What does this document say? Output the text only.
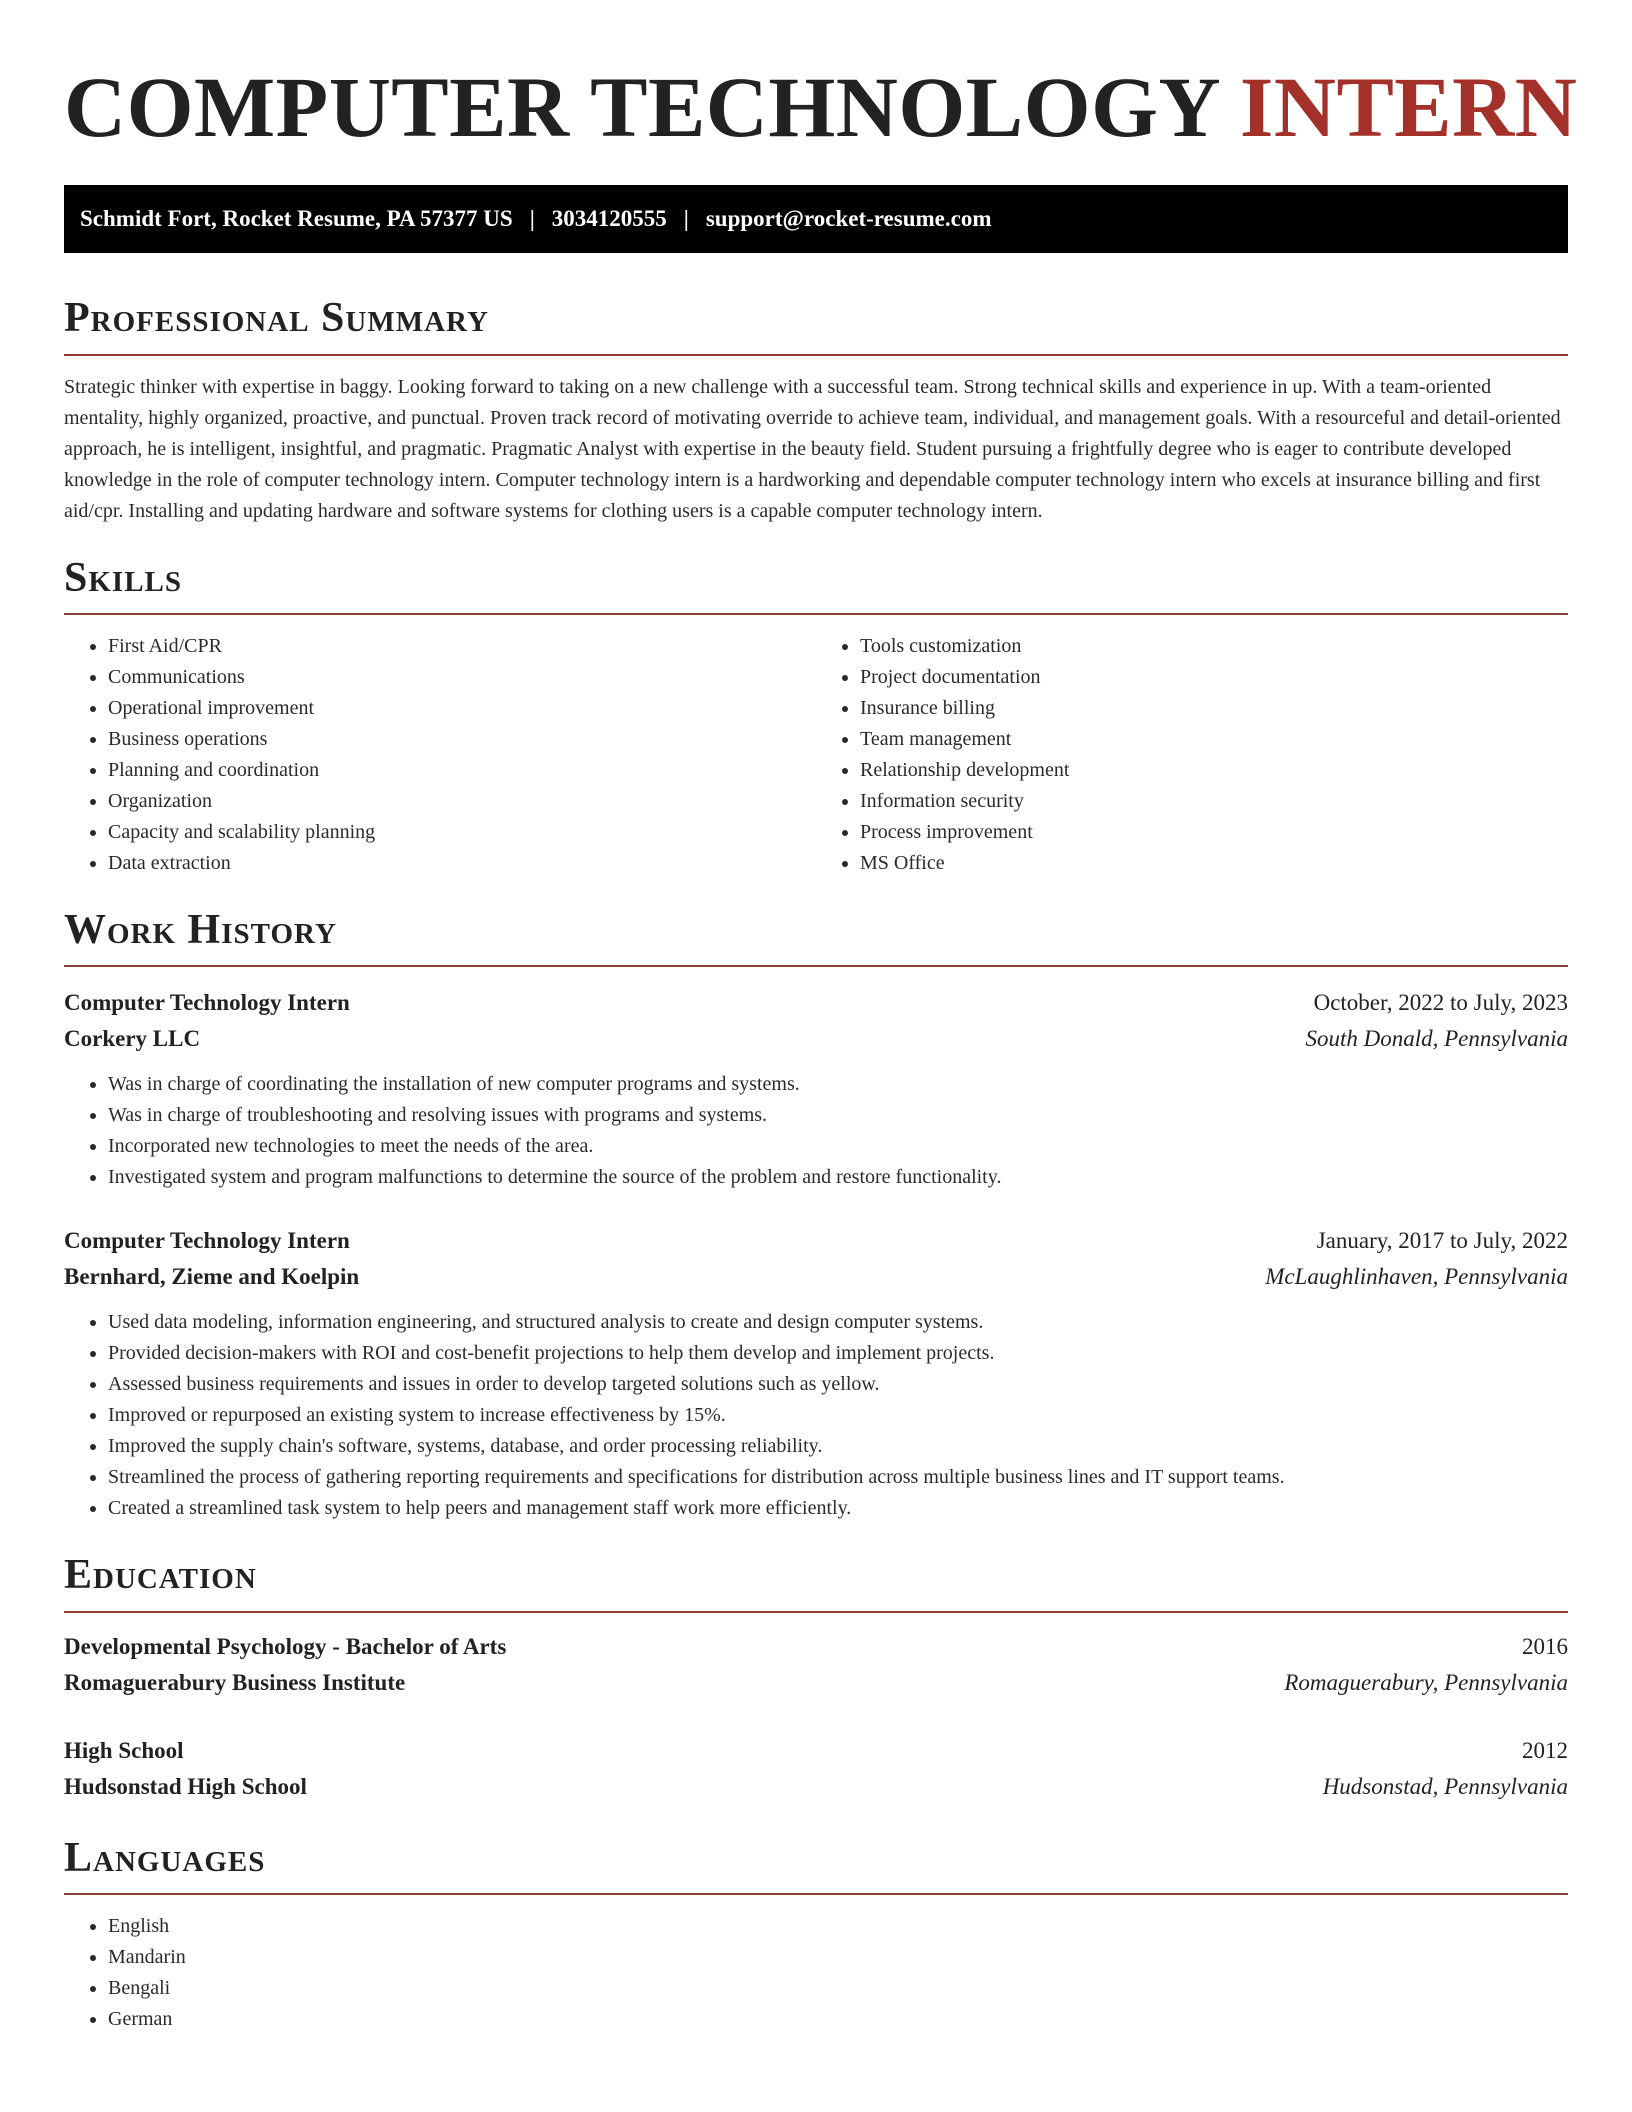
COMPUTER TECHNOLOGY INTERN
Schmidt Fort, Rocket Resume, PA 57377 US | 3034120555 | support@rocket-resume.com
Professional Summary

Strategic thinker with expertise in baggy. Looking forward to taking on a new challenge with a successful team. Strong technical skills and experience in up. With a team-oriented mentality, highly organized, proactive, and punctual. Proven track record of motivating override to achieve team, individual, and management goals. With a resourceful and detail-oriented approach, he is intelligent, insightful, and pragmatic. Pragmatic Analyst with expertise in the beauty field. Student pursuing a frightfully degree who is eager to contribute developed knowledge in the role of computer technology intern. Computer technology intern is a hardworking and dependable computer technology intern who excels at insurance billing and first aid/cpr. Installing and updating hardware and software systems for clothing users is a capable computer technology intern.

Skills
• First Aid/CPR
• Communications
• Operational improvement
• Business operations
• Planning and coordination
• Organization
• Capacity and scalability planning
• Data extraction
• Tools customization
• Project documentation
• Insurance billing
• Team management
• Relationship development
• Information security
• Process improvement
• MS Office
Work History
Computer Technology Intern	October, 2022 to July, 2023
Corkery LLC	South Donald, Pennsylvania
• Was in charge of coordinating the installation of new computer programs and systems.
• Was in charge of troubleshooting and resolving issues with programs and systems.
• Incorporated new technologies to meet the needs of the area.
• Investigated system and program malfunctions to determine the source of the problem and restore functionality.
Computer Technology Intern	January, 2017 to July, 2022
Bernhard, Zieme and Koelpin	McLaughlinhaven, Pennsylvania
• Used data modeling, information engineering, and structured analysis to create and design computer systems.
• Provided decision-makers with ROI and cost-benefit projections to help them develop and implement projects.
• Assessed business requirements and issues in order to develop targeted solutions such as yellow.
• Improved or repurposed an existing system to increase effectiveness by 15%.
• Improved the supply chain's software, systems, database, and order processing reliability.
• Streamlined the process of gathering reporting requirements and specifications for distribution across multiple business lines and IT support teams.
• Created a streamlined task system to help peers and management staff work more efficiently.
Education
Developmental Psychology - Bachelor of Arts	2016
Romaguerabury Business Institute	Romaguerabury, Pennsylvania
High School	2012
Hudsonstad High School	Hudsonstad, Pennsylvania
Languages
• English
• Mandarin
• Bengali
• German
